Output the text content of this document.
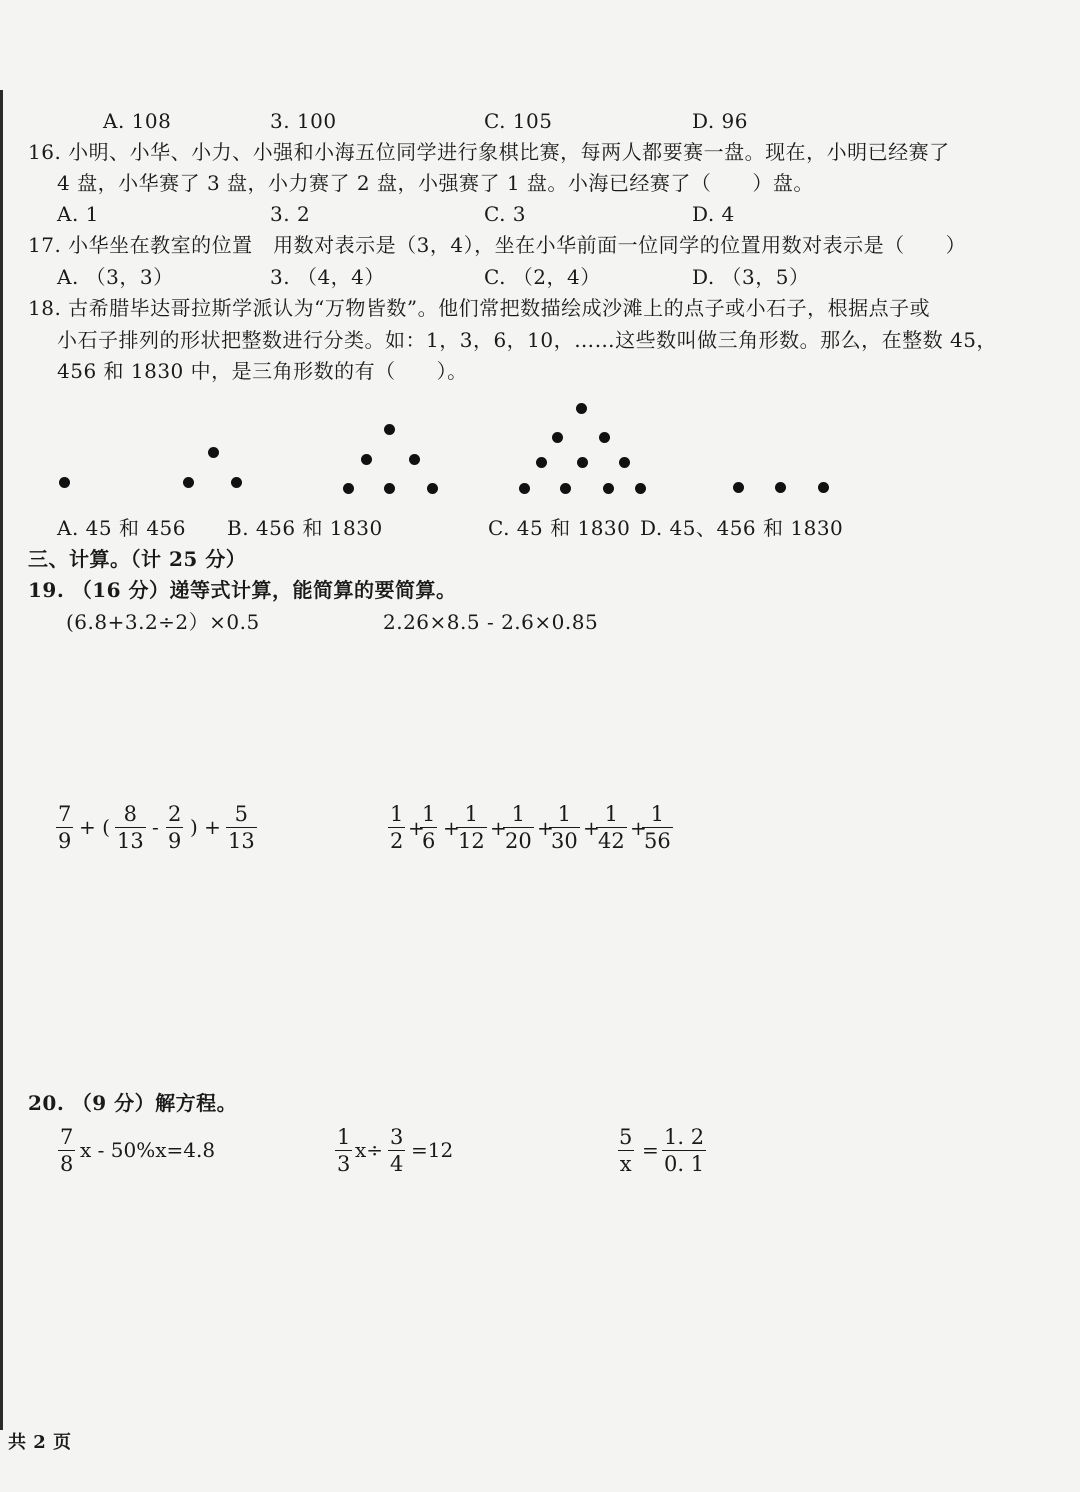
A. 108	3. 100	C. 105	D. 96
16. 小明、小华、小力、小强和小海五位同学进行象棋比赛，每两人都要赛一盘。现在，小明已经赛了
4 盘，小华赛了 3 盘，小力赛了 2 盘，小强赛了 1 盘。小海已经赛了（　　）盘。
A. 1	3. 2	C. 3	D. 4
17. 小华坐在教室的位置　用数对表示是（3，4），坐在小华前面一位同学的位置用数对表示是（　　）
A. （3，3）	3. （4，4）	C. （2，4）	D. （3，5）
18. 古希腊毕达哥拉斯学派认为“万物皆数”。他们常把数描绘成沙滩上的点子或小石子，根据点子或
小石子排列的形状把整数进行分类。如：1，3，6，10，……这些数叫做三角形数。那么，在整数 45，
456 和 1830 中，是三角形数的有（　　）。
A. 45 和 456 B. 456 和 1830	C. 45 和 1830 D. 45、456 和 1830
三、计算。（计 25 分）
19. （16 分）递等式计算，能简算的要简算。
(6.8+3.2÷2）×0.5	2.26×8.5 - 2.6×0.85
$\frac{7}{9}$ + ( $\frac{8}{13} - \frac{2}{9}$ ) + $\frac{5}{13}$	$\frac{1}{2}$ +
$\frac{1}{6}$ +
$\frac{1}{12}$ +
$\frac{1}{20}$ +
$\frac{1}{30}$ +
$\frac{1}{42}$ +
$\frac{1}{56}$
20. （9 分）解方程。
$\frac{7}{8}$ x - 50%x=4.8	$\frac{1}{3} x\div \frac{3}{4} =12$	$\frac{5}{x} = \frac{1. 2}{0. 1}$
共 2 页
